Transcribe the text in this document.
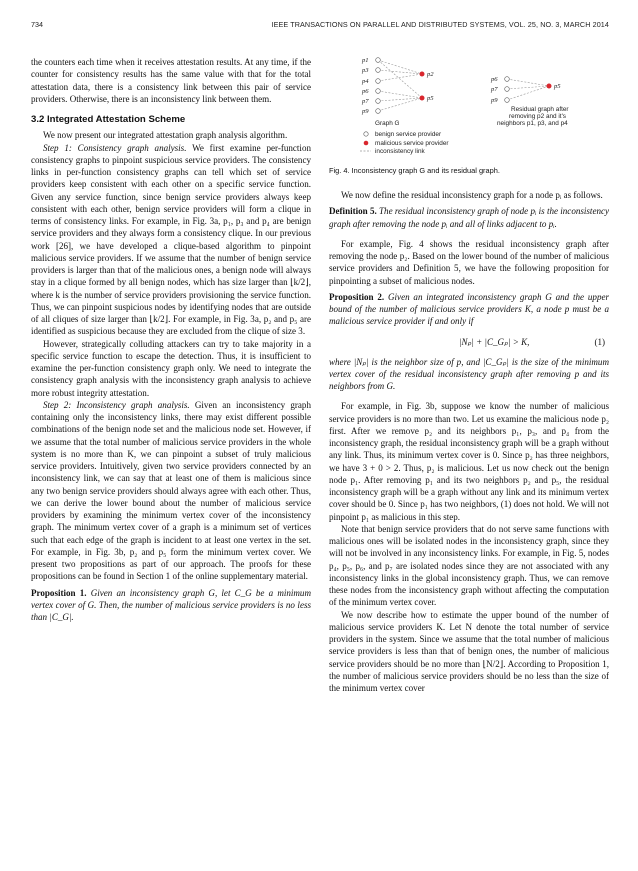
734	IEEE TRANSACTIONS ON PARALLEL AND DISTRIBUTED SYSTEMS, VOL. 25, NO. 3, MARCH 2014

the counters each time when it receives attestation results. At any time, if the counter for consistency results has the same value with that for the total attestation data, there is a consistency link between this pair of service providers. Otherwise, there is an inconsistency link between them.

3.2 Integrated Attestation Scheme

We now present our integrated attestation graph analysis algorithm.

Step 1: Consistency graph analysis. We first examine per-function consistency graphs to pinpoint suspicious service providers. The consistency links in per-function consistency graphs can tell which set of service providers keep consistent with each other on a specific service function. Given any service function, since benign service providers always keep consistent with each other, benign service providers will form a clique in terms of consistency links. For example, in Fig. 3a, p₁, p₃ and p₄ are benign service providers and they always form a consistency clique. In our previous work [26], we have developed a clique-based algorithm to pinpoint malicious service providers. If we assume that the number of benign service providers is larger than that of the malicious ones, a benign node will always stay in a clique formed by all benign nodes, which has size larger than ⌊k/2⌋, where k is the number of service providers provisioning the service function. Thus, we can pinpoint suspicious nodes by identifying nodes that are outside of all cliques of size larger than ⌊k/2⌋. For example, in Fig. 3a, p₂ and p₅ are identified as suspicious because they are excluded from the clique of size 3.

However, strategically colluding attackers can try to take majority in a specific service function to escape the detection. Thus, it is insufficient to examine the per-function consistency graph only. We need to integrate the consistency graph analysis with the inconsistency graph analysis to achieve more robust integrity attestation.

Step 2: Inconsistency graph analysis. Given an inconsistency graph containing only the inconsistency links, there may exist different possible combinations of the benign node set and the malicious node set. However, if we assume that the total number of malicious service providers in the whole system is no more than K, we can pinpoint a subset of truly malicious service providers. Intuitively, given two service providers connected by an inconsistency link, we can say that at least one of them is malicious since any two benign service providers should always agree with each other. Thus, we can derive the lower bound about the number of malicious service providers by examining the minimum vertex cover of the inconsistency graph. The minimum vertex cover of a graph is a minimum set of vertices such that each edge of the graph is incident to at least one vertex in the set. For example, in Fig. 3b, p₂ and p₅ form the minimum vertex cover. We present two propositions as part of our approach. The proofs for these propositions can be found in Section 1 of the online supplementary material.

Proposition 1. Given an inconsistency graph G, let C_G be a minimum vertex cover of G. Then, the number of malicious service providers is no less than |C_G|.

p1
p3
p4
p6
p7
p9
p2
p5
Graph G
p6
p7
p9
p5
Residual graph after
removing p2 and it's
neighbors p1, p3, and p4
benign service provider
malicious service provider
inconsistency link
Fig. 4. Inconsistency graph G and its residual graph.

We now define the residual inconsistency graph for a node pᵢ as follows.

Definition 5. The residual inconsistency graph of node pᵢ is the inconsistency graph after removing the node pᵢ and all of links adjacent to pᵢ.

For example, Fig. 4 shows the residual inconsistency graph after removing the node p₂. Based on the lower bound of the number of malicious service providers and Definition 5, we have the following proposition for pinpointing a subset of malicious nodes.

Proposition 2. Given an integrated inconsistency graph G and the upper bound of the number of malicious service providers K, a node p must be a malicious service provider if and only if

|Nₚ| + |C_Gₚ| > K,	(1)

where |Nₚ| is the neighbor size of p, and |C_Gₚ| is the size of the minimum vertex cover of the residual inconsistency graph after removing p and its neighbors from G.

For example, in Fig. 3b, suppose we know the number of malicious service providers is no more than two. Let us examine the malicious node p₂ first. After we remove p₂ and its neighbors p₁, p₃, and p₄ from the inconsistency graph, the residual inconsistency graph will be a graph without any link. Thus, its minimum vertex cover is 0. Since p₂ has three neighbors, we have 3 + 0 > 2. Thus, p₂ is malicious. Let us now check out the benign node p₁. After removing p₁ and its two neighbors p₂ and p₅, the residual inconsistency graph will be a graph without any link and its minimum vertex cover should be 0. Since p₁ has two neighbors, (1) does not hold. We will not pinpoint p₁ as malicious in this step.

Note that benign service providers that do not serve same functions with malicious ones will be isolated nodes in the inconsistency graph, since they will not be involved in any inconsistency links. For example, in Fig. 5, nodes p₄, p₅, p₆, and p₇ are isolated nodes since they are not associated with any inconsistency links in the global inconsistency graph. Thus, we can remove these nodes from the inconsistency graph without affecting the computation of the minimum vertex cover.

We now describe how to estimate the upper bound of the number of malicious service providers K. Let N denote the total number of service providers in the system. Since we assume that the total number of malicious service providers is less than that of benign ones, the number of malicious service providers should be no more than ⌊N/2⌋. According to Proposition 1, the number of malicious service providers should be no less than the size of the minimum vertex cover
